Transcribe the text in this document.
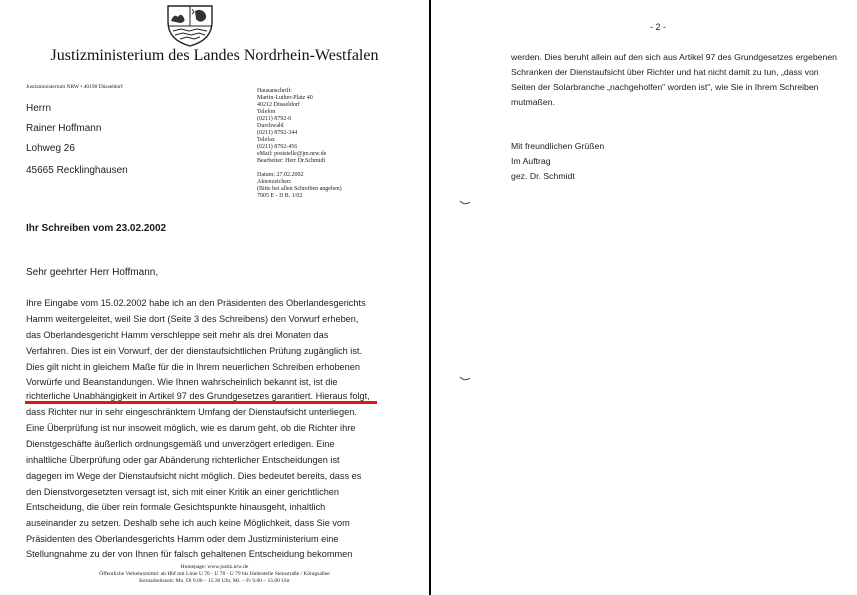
Justizministerium des Landes Nordrhein-Westfalen
Justizministerium NRW • 40190 Düsseldorf
Herrn
Rainer Hoffmann
Lohweg 26
45665 Recklinghausen
Hausanschrift:
Martin-Luther-Platz 40
40212 Düsseldorf
Telefon
(0211) 8792-0
Durchwahl
(0211) 8792-344
Telefax
(0211) 8792-456
eMail: poststelle@jm.nrw.de
Bearbeiter: Herr Dr.Schmidt
Datum: 27.02.2002
Aktenzeichen:
(Bitte bei allen Schreiben angeben)
7005 E - II B. 1/02
Ihr Schreiben vom 23.02.2002
Sehr geehrter Herr Hoffmann,
Ihre Eingabe vom 15.02.2002 habe ich an den Präsidenten des Oberlandesgerichts
Hamm weitergeleitet, weil Sie dort (Seite 3 des Schreibens) den Vorwurf erheben,
das Oberlandesgericht Hamm verschleppe seit mehr als drei Monaten das
Verfahren. Dies ist ein Vorwurf, der der dienstaufsichtlichen Prüfung zugänglich ist.
Dies gilt nicht in gleichem Maße für die in Ihrem neuerlichen Schreiben erhobenen
Vorwürfe und Beanstandungen. Wie Ihnen wahrscheinlich bekannt ist, ist die
richterliche Unabhängigkeit in Artikel 97 des Grundgesetzes garantiert. Hieraus folgt,
dass Richter nur in sehr eingeschränktem Umfang der Dienstaufsicht unterliegen.
Eine Überprüfung ist nur insoweit möglich, wie es darum geht, ob die Richter ihre
Dienstgeschäfte äußerlich ordnungsgemäß und unverzögert erledigen. Eine
inhaltliche Überprüfung oder gar Abänderung richterlicher Entscheidungen ist
dagegen im Wege der Dienstaufsicht nicht möglich. Dies bedeutet bereits, dass es
den Dienstvorgesetzten versagt ist, sich mit einer Kritik an einer gerichtlichen
Entscheidung, die über rein formale Gesichtspunkte hinausgeht, inhaltlich
auseinander zu setzen. Deshalb sehe ich auch keine Möglichkeit, dass Sie vom
Präsidenten des Oberlandesgerichts Hamm oder dem Justizministerium eine
Stellungnahme zu der von Ihnen für falsch gehaltenen Entscheidung bekommen
Homepage: www.justiz.nrw.de
Öffentliche Verkehrsmittel: ab Hbf mit Linie U 76 · U 78 · U 79 bis Haltestelle Steinstraße / Königsallee
Kernarbeitszeit: Mo. Di 9.00 – 15.30 Uhr, Mi. – Fr 9.00 – 15.00 Uhr
- 2 -
werden. Dies beruht allein auf den sich aus Artikel 97 des Grundgesetzes ergebenen
Schranken der Dienstaufsicht über Richter und hat nicht damit zu tun, „dass von
Seiten der Solarbranche „nachgeholfen" worden ist", wie Sie in Ihrem Schreiben
mutmaßen.
Mit freundlichen Grüßen
Im Auftrag
gez. Dr. Schmidt
